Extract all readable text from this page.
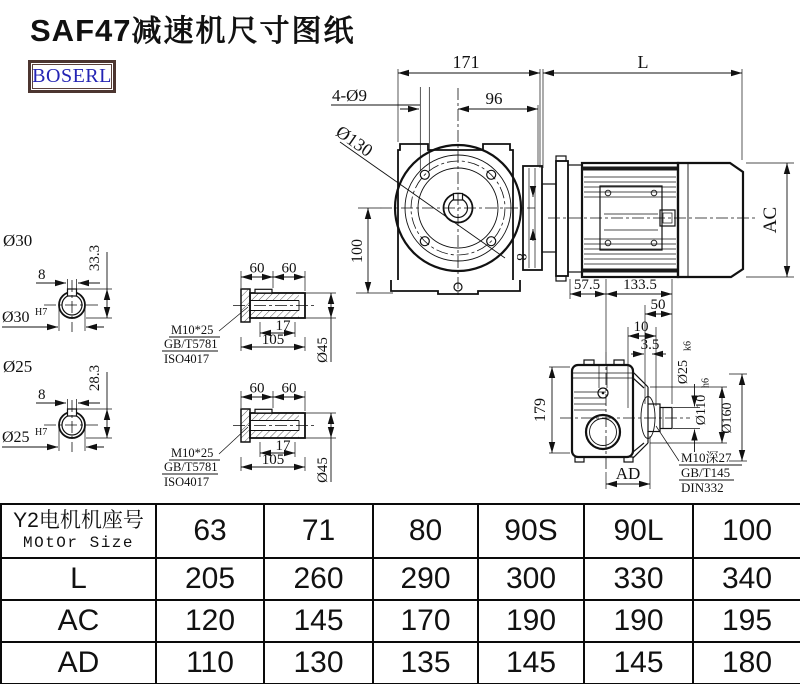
SAF47减速机尺寸图纸
BOSERL
171	L
96
4-Ø9
Ø130
8
100
AC
57.5 133.5
50
10
3.5
179
AD
Ø25
k6
Ø110
h6
Ø160
M10深27
GB/T145
DIN332
Ø30
8
33.3
Ø30 H7
Ø25
8
28.3
Ø25 H7
60 60
17
105 Ø45
M10*25
GB/T5781
ISO4017
60 60
17
105 Ø45
M10*25
GB/T5781
ISO4017
Y2电机机座号
MOtOr Size	63	71	80	90S	90L	100
L	205	260	290	300	330	340
AC	120	145	170	190	190	195
AD	110	130	135	145	145	180
